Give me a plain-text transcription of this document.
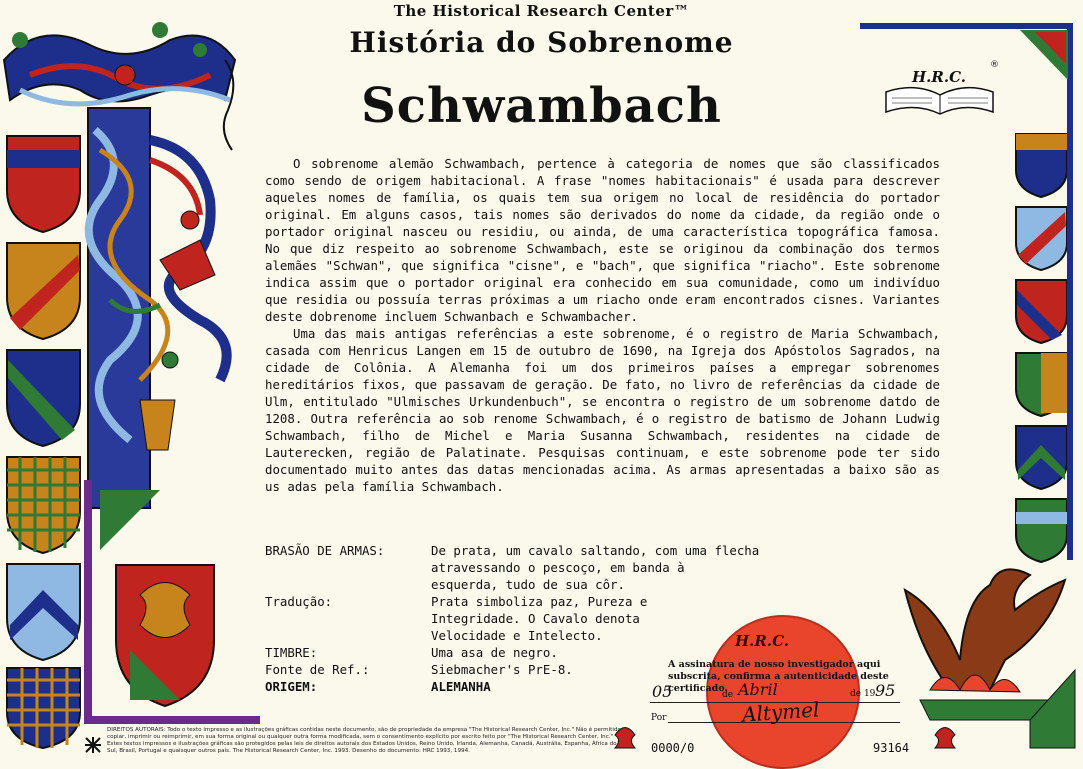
The Historical Research Center™
História do Sobrenome
Schwambach
H.R.C.
®

O sobrenome alemão Schwambach, pertence à categoria de nomes que são classificados como sendo de origem habitacional. A frase "nomes habitacionais" é usada para descrever aqueles nomes de família, os quais tem sua origem no local de residência do portador original. Em alguns casos, tais nomes são derivados do nome da cidade, da região onde o portador original nasceu ou residiu, ou ainda, de uma característica topográfica famosa. No que diz respeito ao sobrenome Schwambach, este se originou da combinação dos termos alemães "Schwan", que significa "cisne", e "bach", que significa "riacho". Este sobrenome indica assim que o portador original era conhecido em sua comunidade, como um indivíduo que residia ou possuía terras próximas a um riacho onde eram encontrados cisnes. Variantes deste dobrenome incluem Schwanbach e Schwambacher.

Uma das mais antigas referências a este sobrenome, é o registro de Maria Schwambach, casada com Henricus Langen em 15 de outubro de 1690, na Igreja dos Apóstolos Sagrados, na cidade de Colônia. A Alemanha foi um dos primeiros países a empregar sobrenomes hereditários fixos, que passavam de geração. De fato, no livro de referências da cidade de Ulm, entitulado "Ulmisches Urkundenbuch", se encontra o registro de um sobrenome datdo de 1208. Outra referência ao sob renome Schwambach, é o registro de batismo de Johann Ludwig Schwambach, filho de Michel e Maria Susanna Schwambach, residentes na cidade de Lauterecken, região de Palatinate. Pesquisas continuam, e este sobrenome pode ter sido documentado muito antes das datas mencionadas acima. As armas apresentadas a baixo são as us adas pela família Schwambach.

BRASÃO DE ARMAS:	De prata, um cavalo saltando, com uma flecha
atravessando o pescoço, em banda à
esquerda, tudo de sua côr.
Tradução:	Prata simboliza paz, Pureza e
Integridade. O Cavalo denota
Velocidade e Intelecto.
TIMBRE:	Uma asa de negro.
Fonte de Ref.:	Siebmacher's PrE-8.
ORIGEM:	ALEMANHA
H.R.C.
A assinatura de nosso investigador aqui subscrita, confirma a autenticidade deste certificado.
05	de Abril	de 19 95
Por	Altymel
0000/0	93164
DIREITOS AUTORAIS: Todo o texto impresso e as ilustrações gráficas contidas neste documento, são de propriedade da empresa "The Historical Research Center, Inc." Não é permitido copiar, imprimir ou reimprimir, em sua forma original ou qualquer outra forma modificada, sem o consentimento explícito por escrito feito por "The Historical Research Center, Inc." Estes textos impressos e ilustrações gráficas são protegidos pelas leis de direitos autorais dos Estados Unidos, Reino Unido, Irlanda, Alemanha, Canadá, Austrália, Espanha, África do Sul, Brasil, Portugal e quaisquer outros país. The Historical Research Center, Inc. 1993. Desenho do documento: HRC 1993, 1994.
